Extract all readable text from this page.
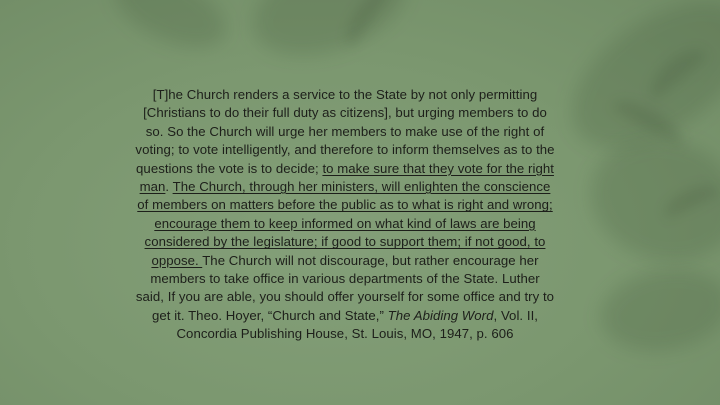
[T]he Church renders a service to the State by not only permitting [Christians to do their full duty as citizens], but urging members to do so. So the Church will urge her members to make use of the right of voting; to vote intelligently, and therefore to inform themselves as to the questions the vote is to decide; to make sure that they vote for the right man. The Church, through her ministers, will enlighten the conscience of members on matters before the public as to what is right and wrong; encourage them to keep informed on what kind of laws are being considered by the legislature; if good to support them; if not good, to oppose. The Church will not discourage, but rather encourage her members to take office in various departments of the State. Luther said, If you are able, you should offer yourself for some office and try to get it. Theo. Hoyer, “Church and State,” The Abiding Word, Vol. II, Concordia Publishing House, St. Louis, MO, 1947, p. 606
